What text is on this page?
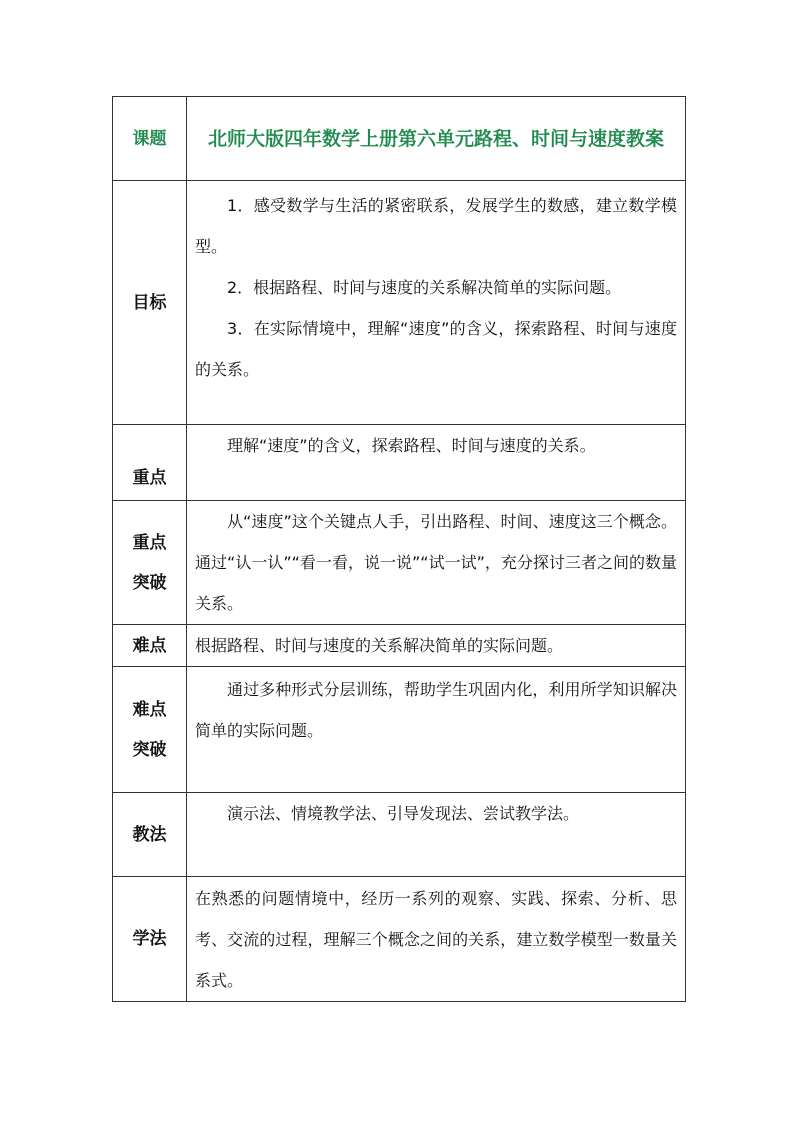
课题	北师大版四年数学上册第六单元路程、时间与速度教案

目标	1．感受数学与生活的紧密联系，发展学生的数感，建立数学模型。

2．根据路程、时间与速度的关系解决简单的实际问题。

3．在实际情境中，理解“速度”的含义，探索路程、时间与速度的关系。

重点	理解“速度”的含义，探索路程、时间与速度的关系。

重点
突破	从“速度”这个关键点人手，引出路程、时间、速度这三个概念。通过“认一认”“看一看，说一说”“试一试”，充分探讨三者之间的数量关系。

难点	根据路程、时间与速度的关系解决简单的实际问题。

难点
突破	通过多种形式分层训练，帮助学生巩固内化，利用所学知识解决简单的实际问题。

教法	演示法、情境教学法、引导发现法、尝试教学法。

学法	在熟悉的问题情境中，经历一系列的观察、实践、探索、分析、思考、交流的过程，理解三个概念之间的关系，建立数学模型一数量关系式。
